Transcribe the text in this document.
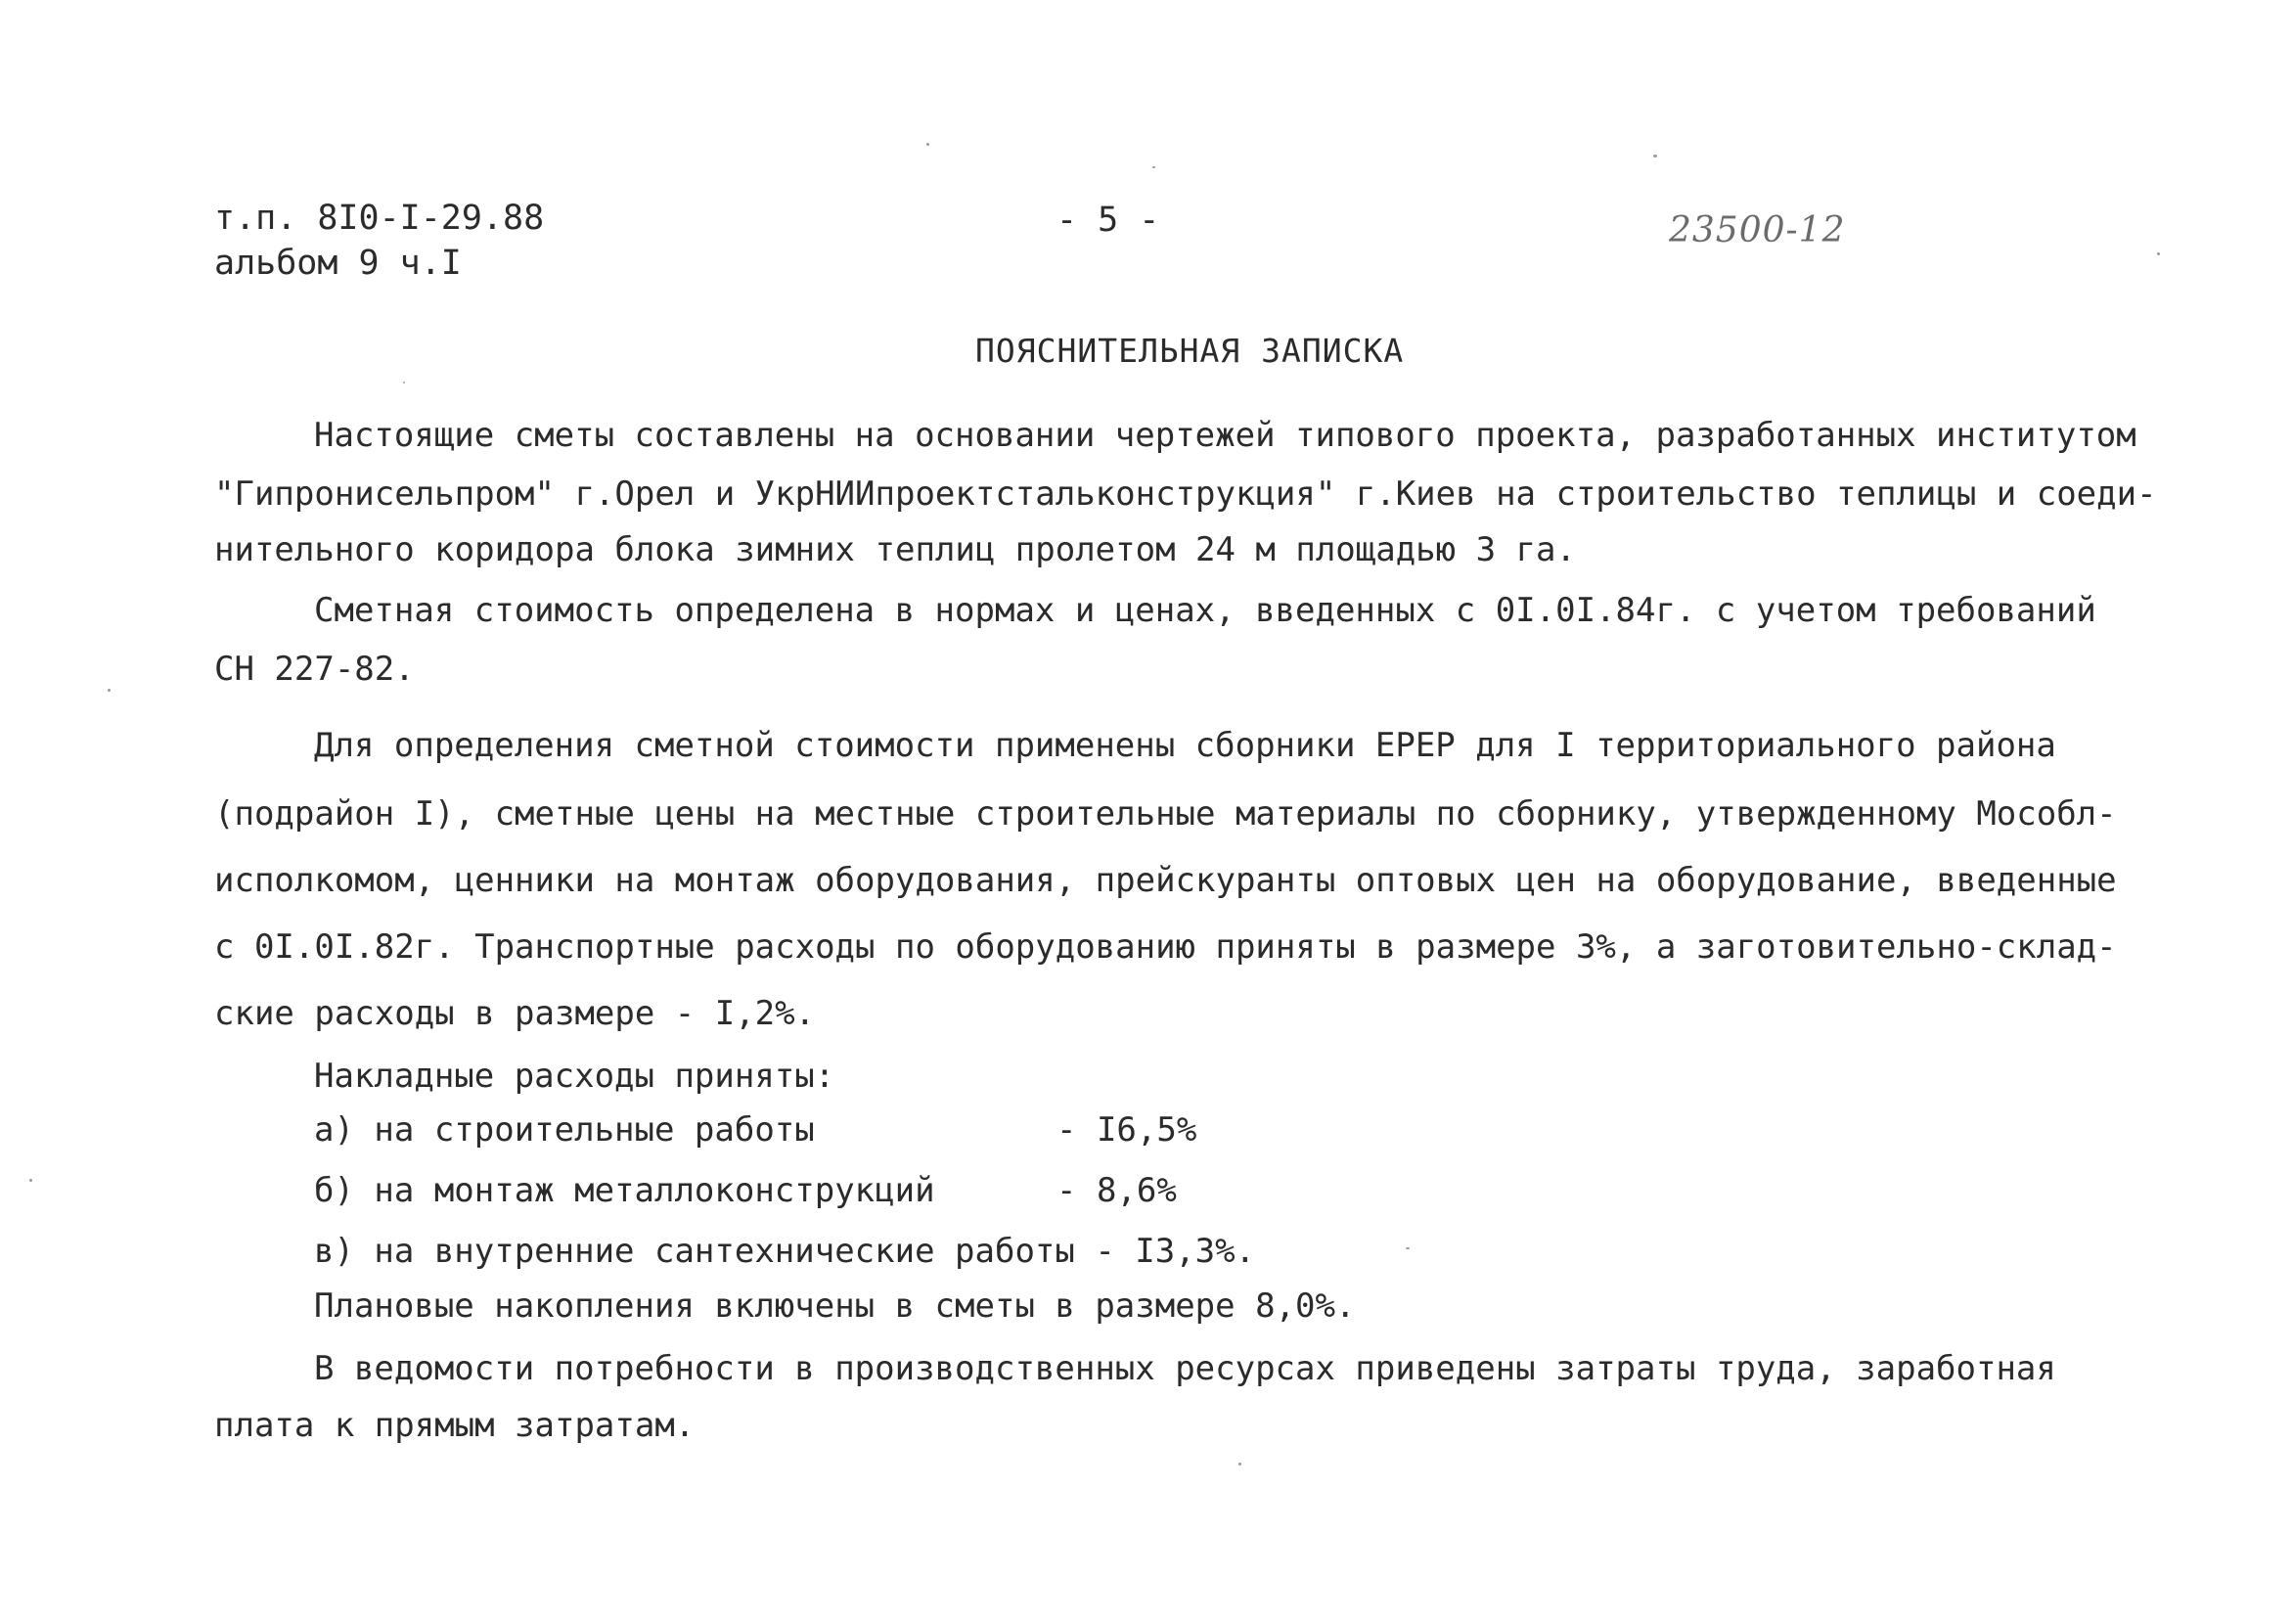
т.п. 8I0-I-29.88
альбом 9 ч.I
- 5 -	23500-12
ПОЯСНИТЕЛЬНАЯ ЗАПИСКА
Настоящие сметы составлены на основании чертежей типового проекта, разработанных институтом
"Гипронисельпром" г.Орел и УкрНИИпроектстальконструкция" г.Киев на строительство теплицы и соеди-
нительного коридора блока зимних теплиц пролетом 24 м площадью 3 га.
Сметная стоимость определена в нормах и ценах, введенных с 0I.0I.84г. с учетом требований
СН 227-82.
Для определения сметной стоимости применены сборники ЕРЕР для I территориального района
(подрайон I), сметные цены на местные строительные материалы по сборнику, утвержденному Мособл-
исполкомом, ценники на монтаж оборудования, прейскуранты оптовых цен на оборудование, введенные
с 0I.0I.82г. Транспортные расходы по оборудованию приняты в размере 3%, а заготовительно-склад-
ские расходы в размере - I,2%.
Накладные расходы приняты:
а) на строительные работы	- I6,5%
б) на монтаж металлоконструкций	- 8,6%
в) на внутренние сантехнические работы - I3,3%.
Плановые накопления включены в сметы в размере 8,0%.
В ведомости потребности в производственных ресурсах приведены затраты труда, заработная
плата к прямым затратам.
